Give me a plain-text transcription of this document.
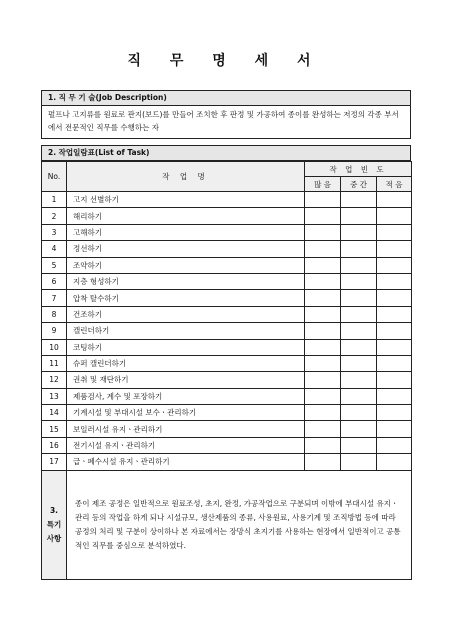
직 무 명 세 서
1. 직 무 기 술(Job Description)
펄프나 고지류를 원료로 판지(보드)를 만들어 조치한 후 판정 및 가공하여 종이를 완성하는 저정의 각종 부서에서 전문적인 직무를 수행하는 자
2. 작업일람표(List of Task)
No.	작 업 명	작 업 빈 도		
		많 음	중 간	적 음
1	고지 선별하기			
2	해리하기			
3	고해하기			
4	정선하기			
5	조약하기			
6	지층 형성하기			
7	압착 탈수하기			
8	건조하기			
9	캘린더하기			
10	코팅하기			
11	슈퍼 캘린더하기			
12	권취 및 재단하기			
13	제품검사, 계수 및 포장하기			
14	기계시설 및 부대시설 보수ㆍ관리하기			
15	보일러시설 유지ㆍ관리하기			
16	전기시설 유지ㆍ관리하기			
17	급ㆍ폐수시설 유지ㆍ관리하기			
3.
특기
사항	종이 제조 공정은 일반적으로 원료조성, 초지, 완정, 가공작업으로 구분되며 이밖에 부대시설 유지ㆍ관리 등의 작업을 하게 되나 시설규모, 생산제품의 종류, 사용원료, 사용기계 및 조직방법 등에 따라 공정의 처리 및 구분이 상이하나 본 자료에서는 장망식 초지기를 사용하는 현장에서 일반적이고 공통적인 직무를 중심으로 분석하였다.			
